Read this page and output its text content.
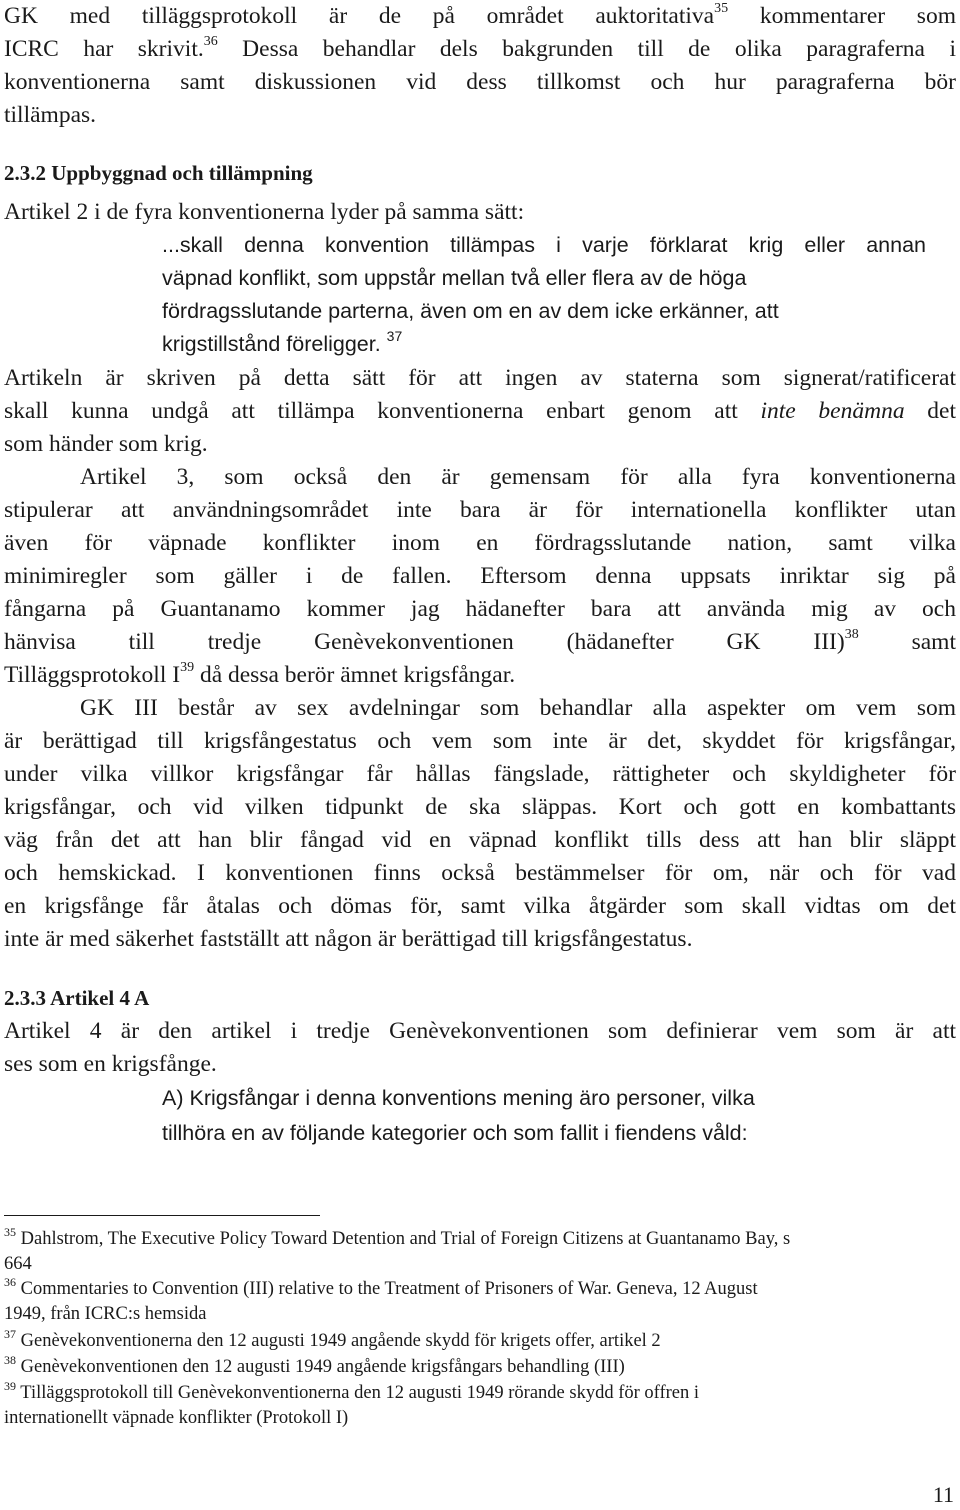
GK med tilläggsprotokoll är de på området auktoritativa$^{35}$ kommentarer som
ICRC har skrivit.$^{36}$ Dessa behandlar dels bakgrunden till de olika paragraferna i
konventionerna samt diskussionen vid dess tillkomst och hur paragraferna bör
tillämpas.
2.3.2 Uppbyggnad och tillämpning
Artikel 2 i de fyra konventionerna lyder på samma sätt:
...skall denna konvention tillämpas i varje förklarat krig eller annan
väpnad konflikt, som uppstår mellan två eller flera av de höga
fördragsslutande parterna, även om en av dem icke erkänner, att
krigstillstånd föreligger. $^{37}$
Artikeln är skriven på detta sätt för att ingen av staterna som signerat/ratificerat
skall kunna undgå att tillämpa konventionerna enbart genom att inte benämna det
som händer som krig.
Artikel 3, som också den är gemensam för alla fyra konventionerna
stipulerar att användningsområdet inte bara är för internationella konflikter utan
även för väpnade konflikter inom en fördragsslutande nation, samt vilka
minimiregler som gäller i de fallen. Eftersom denna uppsats inriktar sig på
fångarna på Guantanamo kommer jag hädanefter bara att använda mig av och
hänvisa till tredje Genèvekonventionen (hädanefter GK III)$^{38}$ samt
Tilläggsprotokoll $I^{39}$ då dessa berör ämnet krigsfångar.
GK III består av sex avdelningar som behandlar alla aspekter om vem som
är berättigad till krigsfångestatus och vem som inte är det, skyddet för krigsfångar,
under vilka villkor krigsfångar får hållas fängslade, rättigheter och skyldigheter för
krigsfångar, och vid vilken tidpunkt de ska släppas. Kort och gott en kombattants
väg från det att han blir fångad vid en väpnad konflikt tills dess att han blir släppt
och hemskickad. I konventionen finns också bestämmelser för om, när och för vad
en krigsfånge får åtalas och dömas för, samt vilka åtgärder som skall vidtas om det
inte är med säkerhet fastställt att någon är berättigad till krigsfångestatus.
2.3.3 Artikel 4 A
Artikel 4 är den artikel i tredje Genèvekonventionen som definierar vem som är att
ses som en krigsfånge.
A) Krigsfångar i denna konventions mening äro personer, vilka
tillhöra en av följande kategorier och som fallit i fiendens våld:
$^{35}$ Dahlstrom, The Executive Policy Toward Detention and Trial of Foreign Citizens at Guantanamo Bay, s
664
$^{36}$ Commentaries to Convention (III) relative to the Treatment of Prisoners of War. Geneva, 12 August
1949, från ICRC:s hemsida
$^{37}$ Genèvekonventionerna den 12 augusti 1949 angående skydd för krigets offer, artikel 2
$^{38}$ Genèvekonventionen den 12 augusti 1949 angående krigsfångars behandling (III)
$^{39}$ Tilläggsprotokoll till Genèvekonventionerna den 12 augusti 1949 rörande skydd för offren i
internationellt väpnade konflikter (Protokoll I)
11
